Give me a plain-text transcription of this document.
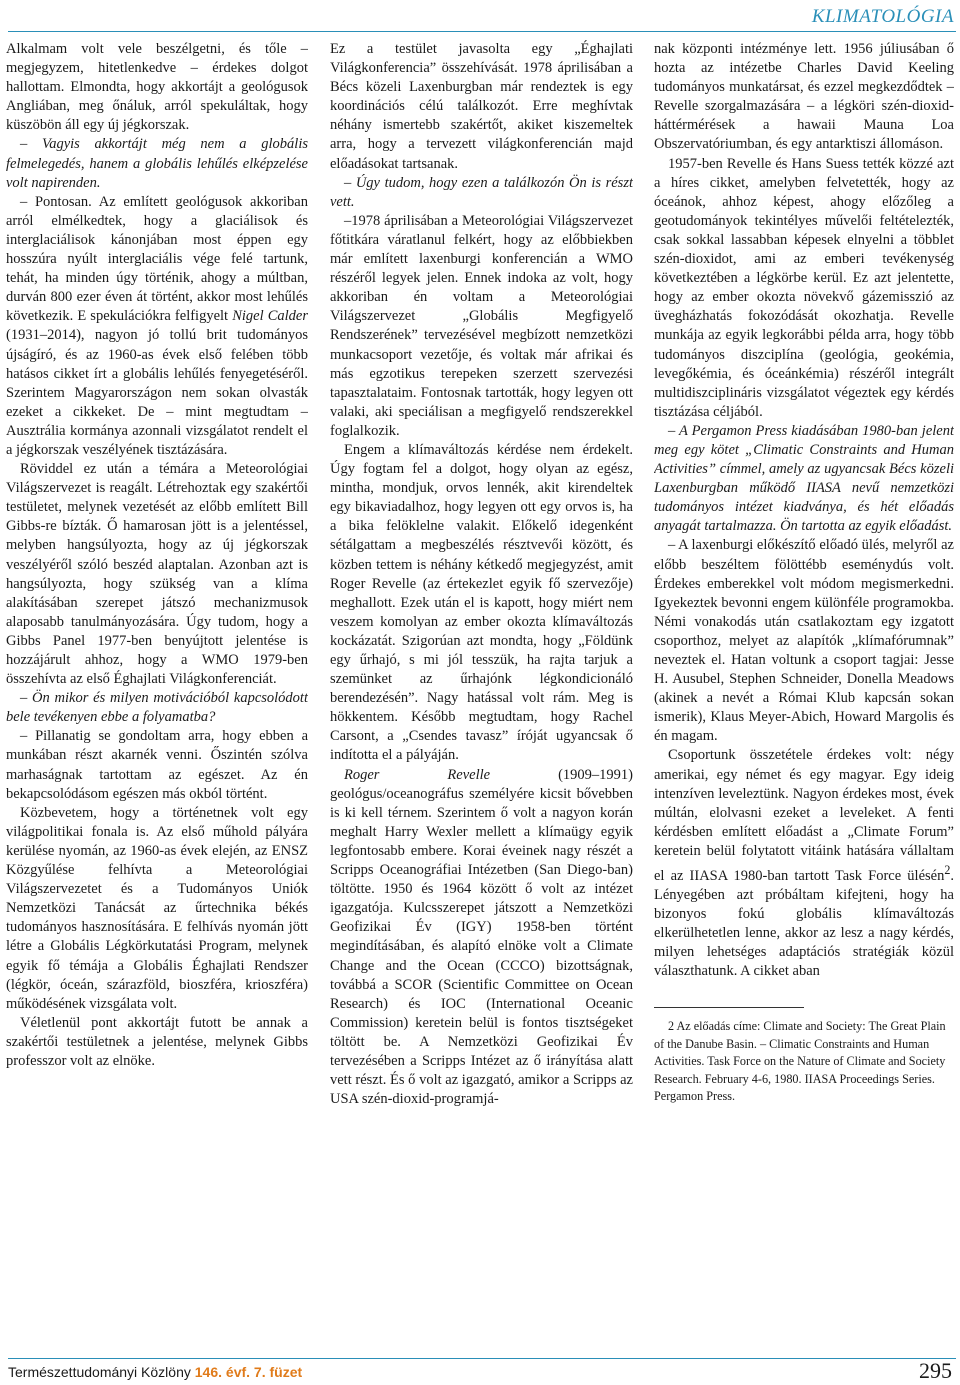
KLIMATOLÓGIA

Alkalmam volt vele beszélgetni, és tőle – megjegyzem, hitetlenkedve – érdekes dolgot hallottam. Elmondta, hogy akkortájt a geológusok Angliában, meg őnáluk, arról spekuláltak, hogy küszöbön áll egy új jégkorszak.

– Vagyis akkortájt még nem a globális felmelegedés, hanem a globális lehűlés elképzelése volt napirenden.

– Pontosan. Az említett geológusok akkoriban arról elmélkedtek, hogy a glaciálisok és interglaciálisok kánonjában most éppen egy hosszúra nyúlt interglaciális vége felé tartunk, tehát, ha minden úgy történik, ahogy a múltban, durván 800 ezer éven át történt, akkor most lehűlés következik. E spekulációkra felfigyelt Nigel Calder (1931–2014), nagyon jó tollú brit tudományos újságíró, és az 1960-as évek első felében több hatásos cikket írt a globális lehűlés fenyegetéséről. Szerintem Magyarországon nem sokan olvasták ezeket a cikkeket. De – mint megtudtam – Ausztrália kormánya azonnali vizsgálatot rendelt el a jégkorszak veszélyének tisztázására.

Röviddel ez után a témára a Meteorológiai Világszervezet is reagált. Létrehoztak egy szakértői testületet, melynek vezetését az előbb említett Bill Gibbs-re bízták. Ő hamarosan jött is a jelentéssel, melyben hangsúlyozta, hogy az új jégkorszak veszélyéről szóló beszéd alaptalan. Azonban azt is hangsúlyozta, hogy szükség van a klíma alakításában szerepet játszó mechanizmusok alaposabb tanulmányozására. Úgy tudom, hogy a Gibbs Panel 1977-ben benyújtott jelentése is hozzájárult ahhoz, hogy a WMO 1979-ben összehívta az első Éghajlati Világkonferenciát.

– Ön mikor és milyen motivációból kapcsolódott bele tevékenyen ebbe a folyamatba?

– Pillanatig se gondoltam arra, hogy ebben a munkában részt akarnék venni. Őszintén szólva marhaságnak tartottam az egészet. Az én bekapcsolódásom egészen más okból történt.

Közbevetem, hogy a történetnek volt egy világpolitikai fonala is. Az első műhold pályára kerülése nyomán, az 1960-as évek elején, az ENSZ Közgyűlése felhívta a Meteorológiai Világszervezetet és a Tudományos Uniók Nemzetközi Tanácsát az űrtechnika békés tudományos hasznosítására. E felhívás nyomán jött létre a Globális Légkörkutatási Program, melynek egyik fő témája a Globális Éghajlati Rendszer (légkör, óceán, szárazföld, bioszféra, krioszféra) működésének vizsgálata volt.

Véletlenül pont akkortájt futott be annak a szakértői testületnek a jelentése, melynek Gibbs professzor volt az elnöke.

Ez a testület javasolta egy „Éghajlati Világkonferencia” összehívását. 1978 áprilisában a Bécs közeli Laxenburgban már rendeztek is egy koordinációs célú találkozót. Erre meghívtak néhány ismertebb szakértőt, akiket kiszemeltek arra, hogy a tervezett világkonferencián majd előadásokat tartsanak.

– Úgy tudom, hogy ezen a találkozón Ön is részt vett.

–1978 áprilisában a Meteorológiai Világszervezet főtitkára váratlanul felkért, hogy az előbbiekben már említett laxenburgi konferencián a WMO részéről legyek jelen. Ennek indoka az volt, hogy akkoriban én voltam a Meteorológiai Világszervezet „Globális Megfigyelő Rendszerének” tervezésével megbízott nemzetközi munkacsoport vezetője, és voltak már afrikai és más egzotikus terepeken szerzett szervezési tapasztalataim. Fontosnak tartották, hogy legyen ott valaki, aki speciálisan a megfigyelő rendszerekkel foglalkozik.

Engem a klímaváltozás kérdése nem érdekelt. Úgy fogtam fel a dolgot, hogy olyan az egész, mintha, mondjuk, orvos lennék, akit kirendeltek egy bikaviadalhoz, hogy legyen ott egy orvos is, ha a bika felöklelne valakit. Előkelő idegenként sétálgattam a megbeszélés résztvevői között, és közben tettem is néhány kétkedő megjegyzést, amit Roger Revelle (az értekezlet egyik fő szervezője) meghallott. Ezek után el is kapott, hogy miért nem veszem komolyan az ember okozta klímaváltozás kockázatát. Szigorúan azt mondta, hogy „Földünk egy űrhajó, s mi jól tesszük, ha rajta tarjuk a szemünket az űrhajónk légkondicionáló berendezésén”. Nagy hatással volt rám. Meg is hökkentem. Később megtudtam, hogy Rachel Carsont, a „Csendes tavasz” íróját ugyancsak ő indította el a pályáján.

Roger Revelle (1909–1991) geológus/oceanográfus személyére kicsit bővebben is ki kell térnem. Szerintem ő volt a nagyon korán meghalt Harry Wexler mellett a klímaügy egyik legfontosabb embere. Korai éveinek nagy részét a Scripps Oceanográfiai Intézetben (San Diego-ban) töltötte. 1950 és 1964 között ő volt az intézet igazgatója. Kulcsszerepet játszott a Nemzetközi Geofizikai Év (IGY) 1958-ben történt megindításában, és alapító elnöke volt a Climate Change and the Ocean (CCCO) bizottságnak, továbbá a SCOR (Scientific Committee on Ocean Research) és IOC (International Oceanic Commission) keretein belül is fontos tisztségeket töltött be. A Nemzetközi Geofizikai Év tervezésében a Scripps Intézet az ő irányítása alatt vett részt. És ő volt az igazgató, amikor a Scripps az USA szén-dioxid-programjá-

nak központi intézménye lett. 1956 júliusában ő hozta az intézetbe Charles David Keeling tudományos munkatársat, és ezzel megkezdődtek – Revelle szorgalmazására – a légköri szén-dioxid-háttérmérések a hawaii Mauna Loa Obszervatóriumban, és egy antarktiszi állomáson.

1957-ben Revelle és Hans Suess tették közzé azt a híres cikket, amelyben felvetették, hogy az óceánok, ahhoz képest, ahogy előzőleg a geotudományok tekintélyes művelői feltételezték, csak sokkal lassabban képesek elnyelni a többlet szén-dioxidot, ami az emberi tevékenység következtében a légkörbe kerül. Ez azt jelentette, hogy az ember okozta növekvő gázemisszió az üvegházhatás fokozódását okozhatja. Revelle munkája az egyik legkorábbi példa arra, hogy több tudományos diszciplína (geológia, geokémia, levegőkémia, és óceánkémia) részéről integrált multidiszciplináris vizsgálatot végeztek egy kérdés tisztázása céljából.

– A Pergamon Press kiadásában 1980-ban jelent meg egy kötet „Climatic Constraints and Human Activities” címmel, amely az ugyancsak Bécs közeli Laxenburgban működő IIASA nevű nemzetközi tudományos intézet kiadványa, és hét előadás anyagát tartalmazza. Ön tartotta az egyik előadást.

– A laxenburgi előkészítő előadó ülés, melyről az előbb beszéltem fölöttébb eseménydús volt. Érdekes emberekkel volt módom megismerkedni. Igyekeztek bevonni engem különféle programokba. Némi vonakodás után csatlakoztam egy izgatott csoporthoz, melyet az alapítók „klímafórumnak” neveztek el. Hatan voltunk a csoport tagjai: Jesse H. Ausubel, Stephen Schneider, Donella Meadows (akinek a nevét a Római Klub kapcsán sokan ismerik), Klaus Meyer-Abich, Howard Margolis és én magam.

Csoportunk összetétele érdekes volt: négy amerikai, egy német és egy magyar. Egy ideig intenzíven leveleztünk. Nagyon érdekes most, évek múltán, elolvasni ezeket a leveleket. A fenti kérdésben említett előadást a „Climate Forum” keretein belül folytatott vitáink hatására vállaltam el az IIASA 1980-ban tartott Task Force ülésén$^2$. Lényegében azt próbáltam kifejteni, hogy ha bizonyos fokú globális klímaváltozás elkerülhetetlen lenne, akkor az lesz a nagy kérdés, milyen lehetséges adaptációs stratégiák közül választhatunk. A cikket aban

2 Az előadás címe: Climate and Society: The Great Plain of the Danube Basin. – Climatic Constraints and Human Activities. Task Force on the Nature of Climate and Society Research. February 4-6, 1980. IIASA Proceedings Series. Pergamon Press.

Természettudományi Közlöny 146. évf. 7. füzet	295
